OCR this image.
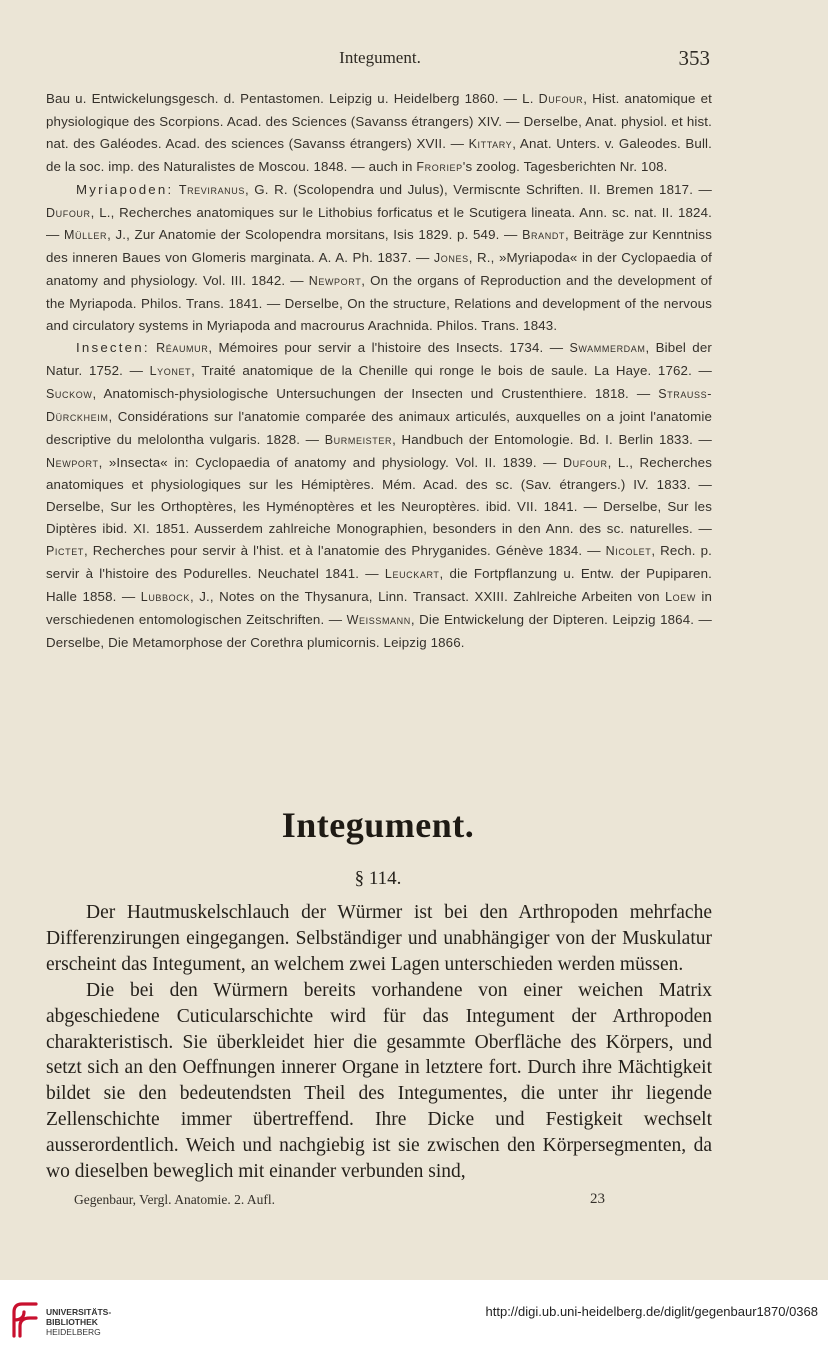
Integument.	353

Bau u. Entwickelungsgesch. d. Pentastomen. Leipzig u. Heidelberg 1860. — L. Dufour, Hist. anatomique et physiologique des Scorpions. Acad. des Sciences (Savanss étrangers) XIV. — Derselbe, Anat. physiol. et hist. nat. des Galéodes. Acad. des sciences (Savanss étrangers) XVII. — Kittary, Anat. Unters. v. Galeodes. Bull. de la soc. imp. des Naturalistes de Moscou. 1848. — auch in Froriep's zoolog. Tagesberichten Nr. 108.

Myriapoden: Treviranus, G. R. (Scolopendra und Julus), Vermiscnte Schriften. II. Bremen 1817. — Dufour, L., Recherches anatomiques sur le Lithobius forficatus et le Scutigera lineata. Ann. sc. nat. II. 1824. — Müller, J., Zur Anatomie der Scolopendra morsitans, Isis 1829. p. 549. — Brandt, Beiträge zur Kenntniss des inneren Baues von Glomeris marginata. A. A. Ph. 1837. — Jones, R., »Myriapoda« in der Cyclopaedia of anatomy and physiology. Vol. III. 1842. — Newport, On the organs of Reproduction and the development of the Myriapoda. Philos. Trans. 1841. — Derselbe, On the structure, Relations and development of the nervous and circulatory systems in Myriapoda and macrourus Arachnida. Philos. Trans. 1843.

Insecten: Réaumur, Mémoires pour servir a l'histoire des Insects. 1734. — Swammerdam, Bibel der Natur. 1752. — Lyonet, Traité anatomique de la Chenille qui ronge le bois de saule. La Haye. 1762. — Suckow, Anatomisch-physiologische Untersuchungen der Insecten und Crustenthiere. 1818. — Strauss-Dürckheim, Considérations sur l'anatomie comparée des animaux articulés, auxquelles on a joint l'anatomie descriptive du melolontha vulgaris. 1828. — Burmeister, Handbuch der Entomologie. Bd. I. Berlin 1833. — Newport, »Insecta« in: Cyclopaedia of anatomy and physiology. Vol. II. 1839. — Dufour, L., Recherches anatomiques et physiologiques sur les Hémiptères. Mém. Acad. des sc. (Sav. étrangers.) IV. 1833. — Derselbe, Sur les Orthoptères, les Hyménoptères et les Neuroptères. ibid. VII. 1841. — Derselbe, Sur les Diptères ibid. XI. 1851. Ausserdem zahlreiche Monographien, besonders in den Ann. des sc. naturelles. — Pictet, Recherches pour servir à l'hist. et à l'anatomie des Phryganides. Génève 1834. — Nicolet, Rech. p. servir à l'histoire des Podurelles. Neuchatel 1841. — Leuckart, die Fortpflanzung u. Entw. der Pupiparen. Halle 1858. — Lubbock, J., Notes on the Thysanura, Linn. Transact. XXIII. Zahlreiche Arbeiten von Loew in verschiedenen entomologischen Zeitschriften. — Weissmann, Die Entwickelung der Dipteren. Leipzig 1864. — Derselbe, Die Metamorphose der Corethra plumicornis. Leipzig 1866.

Integument.
§ 114.

Der Hautmuskelschlauch der Würmer ist bei den Arthropoden mehrfache Differenzirungen eingegangen. Selbständiger und unabhängiger von der Muskulatur erscheint das Integument, an welchem zwei Lagen unterschieden werden müssen.

Die bei den Würmern bereits vorhandene von einer weichen Matrix abgeschiedene Cuticularschichte wird für das Integument der Arthropoden charakteristisch. Sie überkleidet hier die gesammte Oberfläche des Körpers, und setzt sich an den Oeffnungen innerer Organe in letztere fort. Durch ihre Mächtigkeit bildet sie den bedeutendsten Theil des Integumentes, die unter ihr liegende Zellenschichte immer übertreffend. Ihre Dicke und Festigkeit wechselt ausserordentlich. Weich und nachgiebig ist sie zwischen den Körpersegmenten, da wo dieselben beweglich mit einander verbunden sind,

Gegenbaur, Vergl. Anatomie. 2. Aufl.	23
UNIVERSITÄTS-
BIBLIOTHEK
HEIDELBERG
http://digi.ub.uni-heidelberg.de/diglit/gegenbaur1870/0368
